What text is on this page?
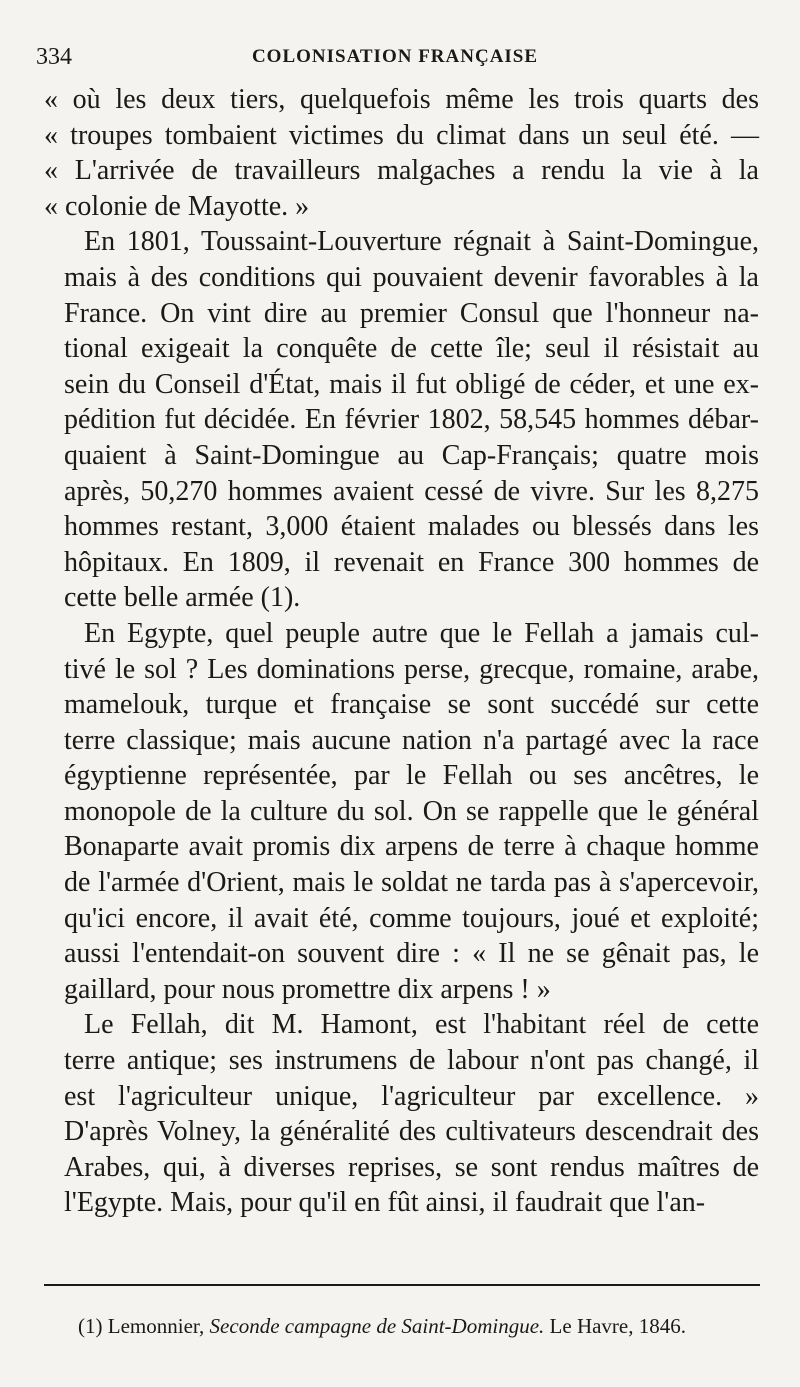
334	COLONISATION FRANÇAISE
« où les deux tiers, quelquefois même les trois quarts des
« troupes tombaient victimes du climat dans un seul été. —
« L'arrivée de travailleurs malgaches a rendu la vie à la
« colonie de Mayotte. »
En 1801, Toussaint-Louverture régnait à Saint-Domingue,
mais à des conditions qui pouvaient devenir favorables à la
France. On vint dire au premier Consul que l'honneur na-
tional exigeait la conquête de cette île; seul il résistait au
sein du Conseil d'État, mais il fut obligé de céder, et une ex-
pédition fut décidée. En février 1802, 58,545 hommes débar-
quaient à Saint-Domingue au Cap-Français; quatre mois
après, 50,270 hommes avaient cessé de vivre. Sur les 8,275
hommes restant, 3,000 étaient malades ou blessés dans les
hôpitaux. En 1809, il revenait en France 300 hommes de
cette belle armée (1).
En Egypte, quel peuple autre que le Fellah a jamais cul-
tivé le sol ? Les dominations perse, grecque, romaine, arabe,
mamelouk, turque et française se sont succédé sur cette
terre classique; mais aucune nation n'a partagé avec la race
égyptienne représentée, par le Fellah ou ses ancêtres, le
monopole de la culture du sol. On se rappelle que le général
Bonaparte avait promis dix arpens de terre à chaque homme
de l'armée d'Orient, mais le soldat ne tarda pas à s'apercevoir,
qu'ici encore, il avait été, comme toujours, joué et exploité;
aussi l'entendait-on souvent dire : « Il ne se gênait pas, le
gaillard, pour nous promettre dix arpens ! »
Le Fellah, dit M. Hamont, est l'habitant réel de cette
terre antique; ses instrumens de labour n'ont pas changé, il
est l'agriculteur unique, l'agriculteur par excellence. »
D'après Volney, la généralité des cultivateurs descendrait des
Arabes, qui, à diverses reprises, se sont rendus maîtres de
l'Egypte. Mais, pour qu'il en fût ainsi, il faudrait que l'an-
(1) Lemonnier, Seconde campagne de Saint-Domingue. Le Havre, 1846.
